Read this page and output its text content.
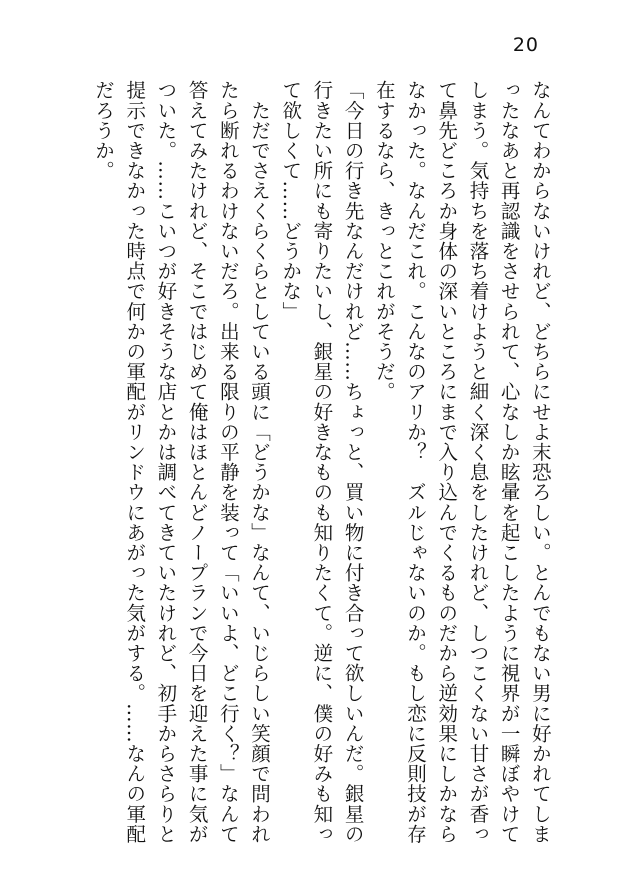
20
なんてわからないけれど、どちらにせよ末恐ろしい。とんでもない男に好かれてしま
ったなあと再認識をさせられて、心なしか眩暈を起こしたように視界が一瞬ぼやけて
しまう。気持ちを落ち着けようと細く深く息をしたけれど、しつこくない甘さが香っ
て鼻先どころか身体の深いところにまで入り込んでくるものだから逆効果にしかなら
なかった。なんだこれ。こんなのアリか？　ズルじゃないのか。もし恋に反則技が存
在するなら、きっとこれがそうだ。
「今日の行き先なんだけれど……ちょっと、買い物に付き合って欲しいんだ。銀星の
行きたい所にも寄りたいし、銀星の好きなものも知りたくて。逆に、僕の好みも知っ
て欲しくて……どうかな」
　ただでさえくらくらとしている頭に「どうかな」なんて、いじらしい笑顔で問われ
たら断れるわけないだろ。出来る限りの平静を装って「いいよ、どこ行く？」なんて
答えてみたけれど、そこではじめて俺はほとんどノープランで今日を迎えた事に気が
ついた。……こいつが好きそうな店とかは調べてきていたけれど、初手からさらりと
提示できなかった時点で何かの軍配がリンドウにあがった気がする。……なんの軍配
だろうか。
